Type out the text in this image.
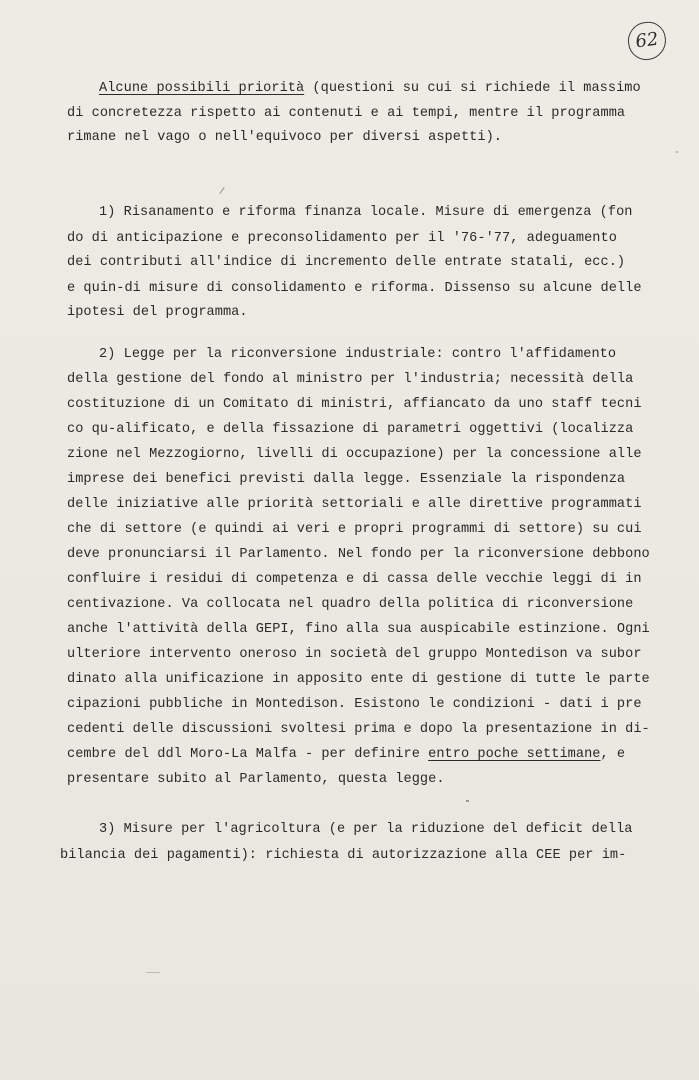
62
Alcune possibili priorità (questioni su cui si richiede il massimo
di concretezza rispetto ai contenuti e ai tempi, mentre il programma
rimane nel vago o nell'equivoco per diversi aspetti).
1) Risanamento e riforma finanza locale. Misure di emergenza (fon
do di anticipazione e preconsolidamento per il '76-'77, adeguamento
dei contributi all'indice di incremento delle entrate statali, ecc.)
e quin-di misure di consolidamento e riforma. Dissenso su alcune delle
ipotesi del programma.
2) Legge per la riconversione industriale: contro l'affidamento
della gestione del fondo al ministro per l'industria; necessità della
costituzione di un Comitato di ministri, affiancato da uno staff tecni
co qu-alificato, e della fissazione di parametri oggettivi (localizza
zione nel Mezzogiorno, livelli di occupazione) per la concessione alle
imprese dei benefici previsti dalla legge. Essenziale la rispondenza
delle iniziative alle priorità settoriali e alle direttive programmati
che di settore (e quindi ai veri e propri programmi di settore) su cui
deve pronunciarsi il Parlamento. Nel fondo per la riconversione debbono
confluire i residui di competenza e di cassa delle vecchie leggi di in
centivazione. Va collocata nel quadro della politica di riconversione
anche l'attività della GEPI, fino alla sua auspicabile estinzione. Ogni
ulteriore intervento oneroso in società del gruppo Montedison va subor
dinato alla unificazione in apposito ente di gestione di tutte le parte
cipazioni pubbliche in Montedison. Esistono le condizioni - dati i pre
cedenti delle discussioni svoltesi prima e dopo la presentazione in di-
cembre del ddl Moro-La Malfa - per definire entro poche settimane, e
presentare subito al Parlamento, questa legge.
3) Misure per l'agricoltura (e per la riduzione del deficit della
bilancia dei pagamenti): richiesta di autorizzazione alla CEE per im-
